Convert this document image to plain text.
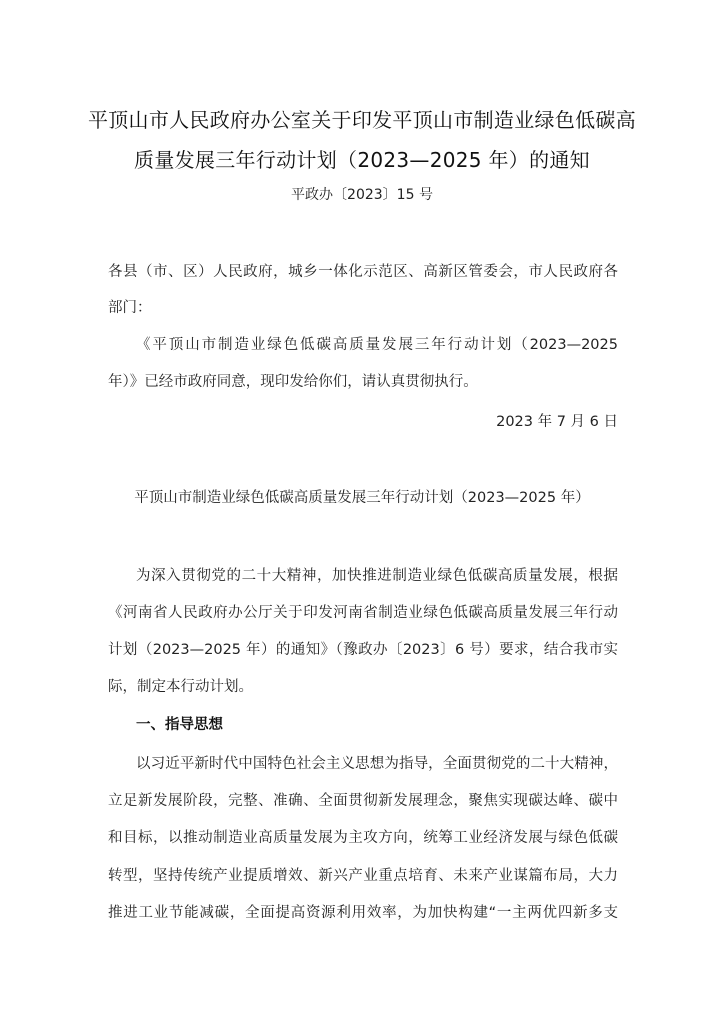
平顶山市人民政府办公室关于印发平顶山市制造业绿色低碳高
质量发展三年行动计划（2023—2025 年）的通知
平政办〔2023〕15 号
各县（市、区）人民政府，城乡一体化示范区、高新区管委会，市人民政府各
部门：
《平顶山市制造业绿色低碳高质量发展三年行动计划（2023—2025
年）》已经市政府同意，现印发给你们，请认真贯彻执行。
2023 年 7 月 6 日
平顶山市制造业绿色低碳高质量发展三年行动计划（2023—2025 年）
为深入贯彻党的二十大精神，加快推进制造业绿色低碳高质量发展，根据
《河南省人民政府办公厅关于印发河南省制造业绿色低碳高质量发展三年行动
计划（2023—2025 年）的通知》（豫政办〔2023〕6 号）要求，结合我市实
际，制定本行动计划。
一、指导思想
以习近平新时代中国特色社会主义思想为指导，全面贯彻党的二十大精神，
立足新发展阶段，完整、准确、全面贯彻新发展理念，聚焦实现碳达峰、碳中
和目标，以推动制造业高质量发展为主攻方向，统筹工业经济发展与绿色低碳
转型，坚持传统产业提质增效、新兴产业重点培育、未来产业谋篇布局，大力
推进工业节能减碳，全面提高资源利用效率，为加快构建“一主两优四新多支
